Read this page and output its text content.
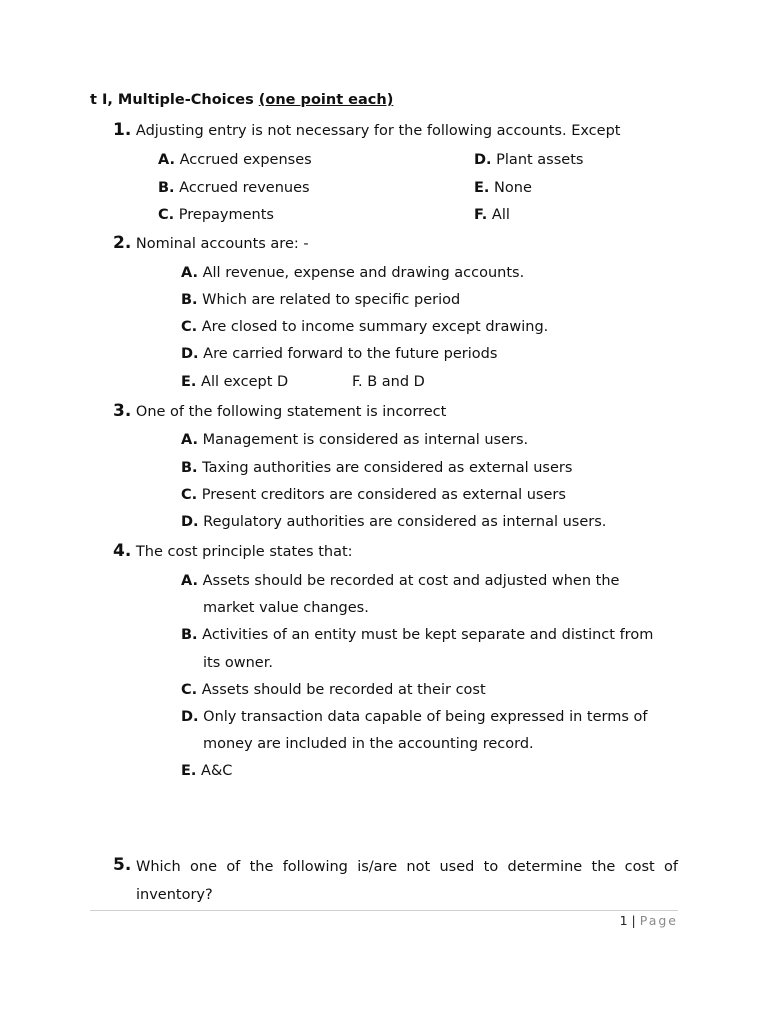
t I, Multiple-Choices (one point each)
1. Adjusting entry is not necessary for the following accounts. Except
A. Accrued expenses
B. Accrued revenues
C. Prepayments
D. Plant assets
E. None
F. All
2. Nominal accounts are: -
A. All revenue, expense and drawing accounts.
B. Which are related to specific period
C. Are closed to income summary except drawing.
D. Are carried forward to the future periods
E. All except D	F. B and D
3. One of the following statement is incorrect
A. Management is considered as internal users.
B. Taxing authorities are considered as external users
C. Present creditors are considered as external users
D. Regulatory authorities are considered as internal users.
4. The cost principle states that:
A. Assets should be recorded at cost and adjusted when the
market value changes.
B. Activities of an entity must be kept separate and distinct from
its owner.
C. Assets should be recorded at their cost
D. Only transaction data capable of being expressed in terms of
money are included in the accounting record.
E. A&C
5. Which one of the following is/are not used to determine the cost of inventory?
1 | Page
